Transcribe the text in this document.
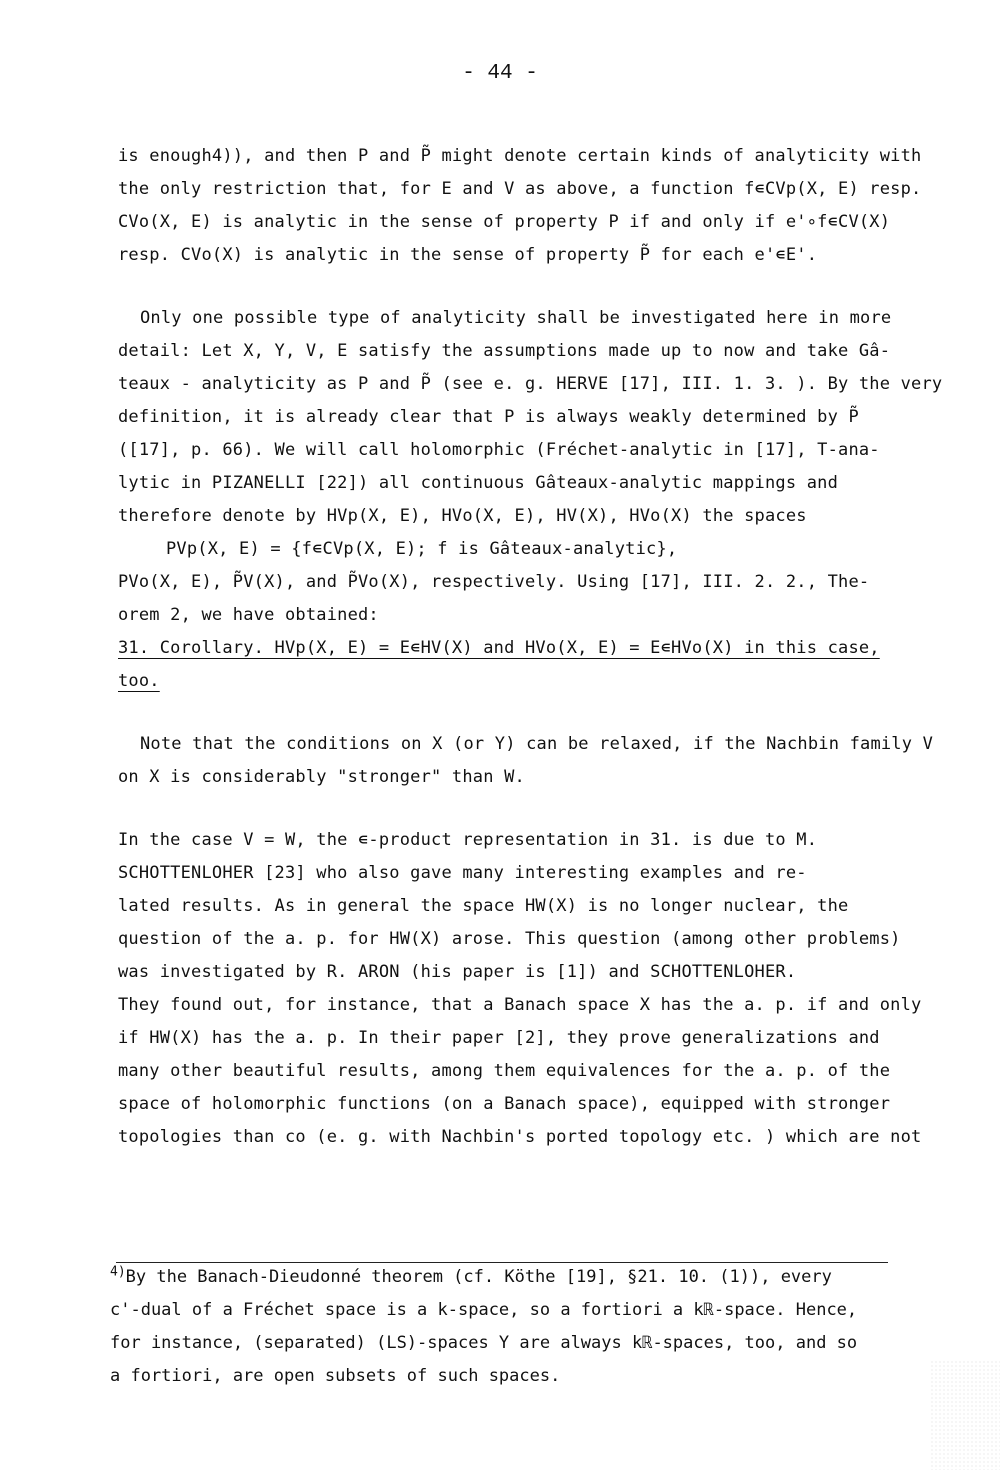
- 44 -
is enough4)), and then P and P̃ might denote certain kinds of analyticity with
the only restriction that, for E and V as above, a function f∊CVp(X, E) resp.
CVo(X, E) is analytic in the sense of property P if and only if e'∘f∊CV(X)
resp. CVo(X) is analytic in the sense of property P̃ for each e'∊E'.
Only one possible type of analyticity shall be investigated here in more
detail: Let X, Y, V, E satisfy the assumptions made up to now and take Gâ-
teaux - analyticity as P and P̃ (see e. g. HERVE [17], III. 1. 3. ). By the very
definition, it is already clear that P is always weakly determined by P̃
([17], p. 66). We will call holomorphic (Fréchet-analytic in [17], T-ana-
lytic in PIZANELLI [22]) all continuous Gâteaux-analytic mappings and
therefore denote by HVp(X, E), HVo(X, E), HV(X), HVo(X) the spaces
PVp(X, E) = {f∊CVp(X, E); f is Gâteaux-analytic},
PVo(X, E), P̃V(X), and P̃Vo(X), respectively. Using [17], III. 2. 2., The-
orem 2, we have obtained:
31. Corollary. HVp(X, E) = E∊HV(X) and HVo(X, E) = E∊HVo(X) in this case,
too.
Note that the conditions on X (or Y) can be relaxed, if the Nachbin family V
on X is considerably "stronger" than W.
In the case V = W, the ∊-product representation in 31. is due to M.
SCHOTTENLOHER [23] who also gave many interesting examples and re-
lated results. As in general the space HW(X) is no longer nuclear, the
question of the a. p. for HW(X) arose. This question (among other problems)
was investigated by R. ARON (his paper is [1]) and SCHOTTENLOHER.
They found out, for instance, that a Banach space X has the a. p. if and only
if HW(X) has the a. p. In their paper [2], they prove generalizations and
many other beautiful results, among them equivalences for the a. p. of the
space of holomorphic functions (on a Banach space), equipped with stronger
topologies than co (e. g. with Nachbin's ported topology etc. ) which are not
$^{4)}$By the Banach-Dieudonné theorem (cf. Köthe [19], §21. 10. (1)), every
c'-dual of a Fréchet space is a k-space, so a fortiori a kℝ-space. Hence,
for instance, (separated) (LS)-spaces Y are always kℝ-spaces, too, and so
a fortiori, are open subsets of such spaces.
